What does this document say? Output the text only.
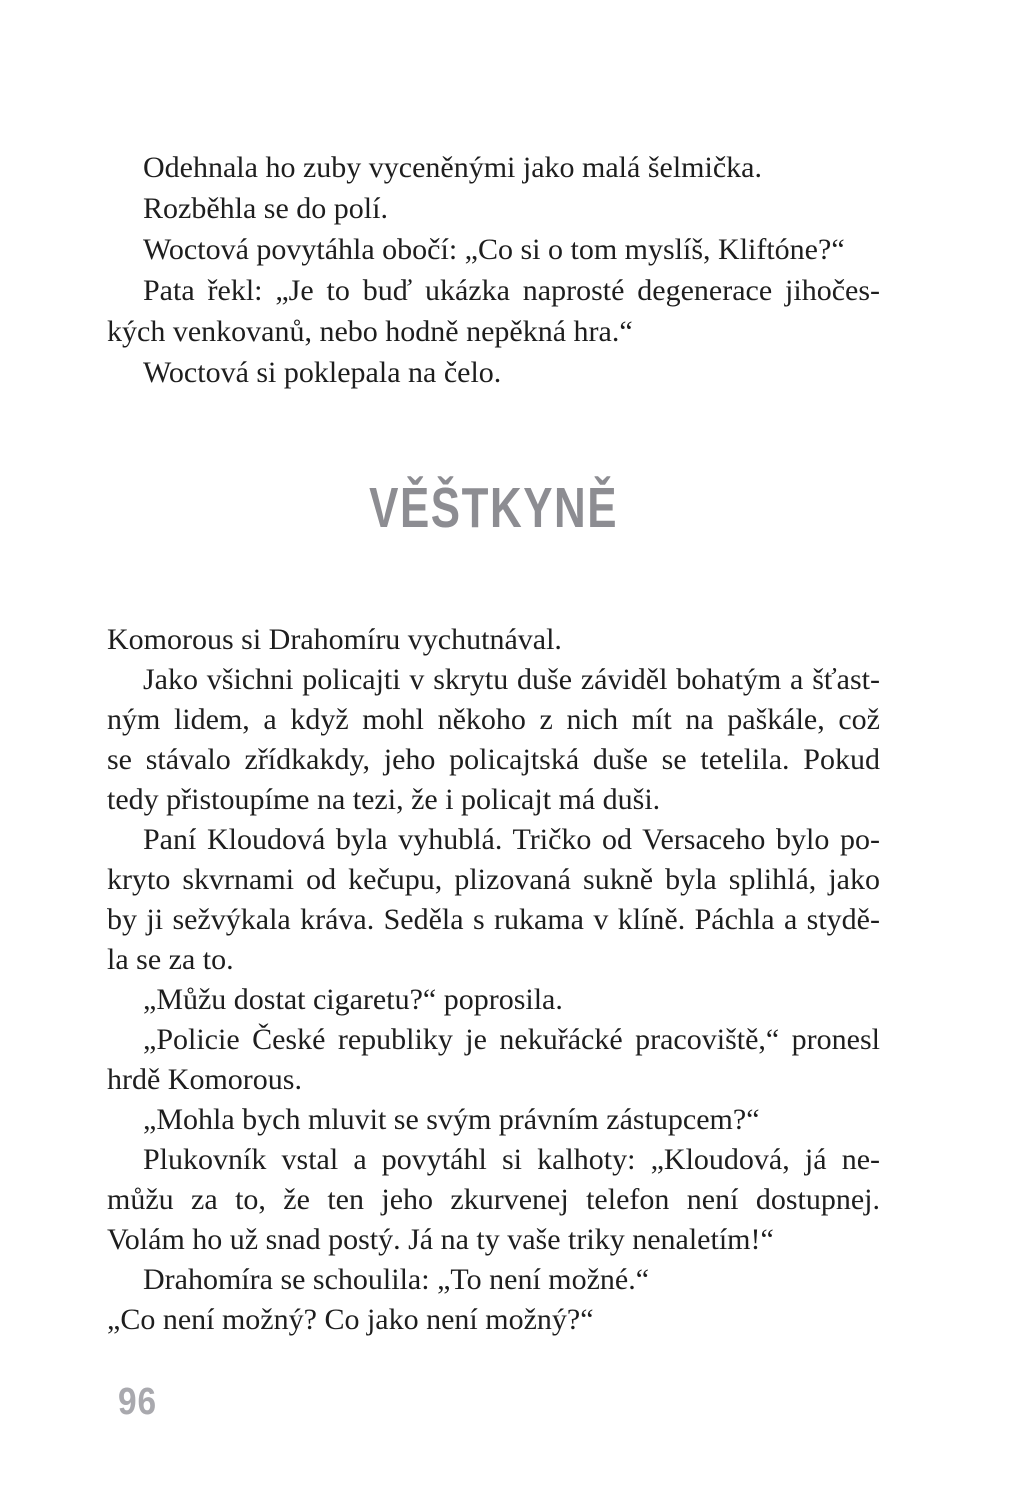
Odehnala ho zuby vyceněnými jako malá šelmička.
Rozběhla se do polí.
Woctová povytáhla obočí: „Co si o tom myslíš, Kliftóne?“
Pata řekl: „Je to buď ukázka naprosté degenerace jihočes-
kých venkovanů, nebo hodně nepěkná hra.“
Woctová si poklepala na čelo.
VĚŠTKYNĚ
Komorous si Drahomíru vychutnával.
Jako všichni policajti v skrytu duše záviděl bohatým a šťast-
ným lidem, a když mohl někoho z nich mít na paškále, což
se stávalo zřídkakdy, jeho policajtská duše se tetelila. Pokud
tedy přistoupíme na tezi, že i policajt má duši.
Paní Kloudová byla vyhublá. Tričko od Versaceho bylo po-
kryto skvrnami od kečupu, plizovaná sukně byla splihlá, jako
by ji sežvýkala kráva. Seděla s rukama v klíně. Páchla a stydě-
la se za to.
„Můžu dostat cigaretu?“ poprosila.
„Policie České republiky je nekuřácké pracoviště,“ pronesl
hrdě Komorous.
„Mohla bych mluvit se svým právním zástupcem?“
Plukovník vstal a povytáhl si kalhoty: „Kloudová, já ne-
můžu za to, že ten jeho zkurvenej telefon není dostupnej.
Volám ho už snad postý. Já na ty vaše triky nenaletím!“
Drahomíra se schoulila: „To není možné.“
„Co není možný? Co jako není možný?“
96
